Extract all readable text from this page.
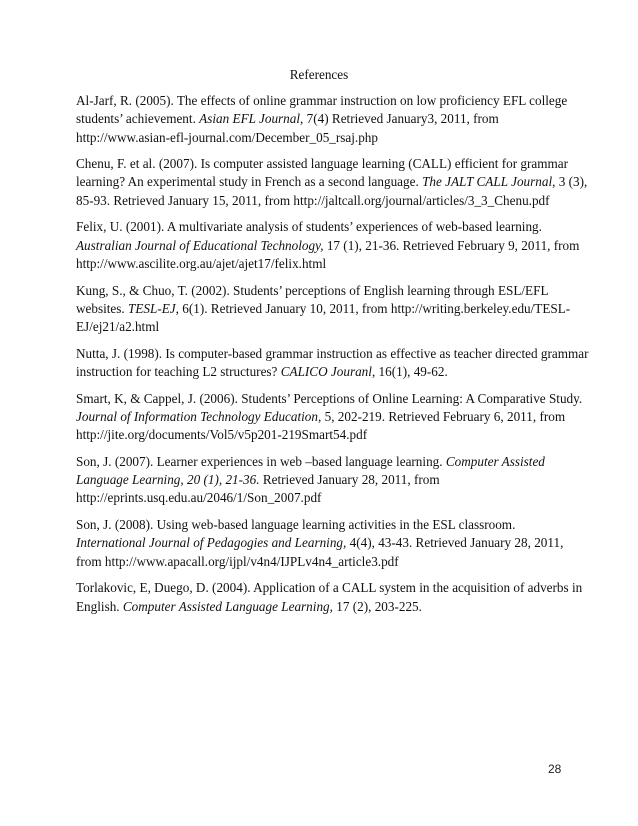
References
Al-Jarf, R. (2005). The effects of online grammar instruction on low proficiency EFL college
students’ achievement. Asian EFL Journal, 7(4) Retrieved January3, 2011, from
http://www.asian-efl-journal.com/December_05_rsaj.php
Chenu, F. et al. (2007). Is computer assisted language learning (CALL) efficient for grammar
learning? An experimental study in French as a second language. The JALT CALL Journal, 3 (3),
85-93. Retrieved January 15, 2011, from http://jaltcall.org/journal/articles/3_3_Chenu.pdf
Felix, U. (2001). A multivariate analysis of students’ experiences of web-based learning.
Australian Journal of Educational Technology, 17 (1), 21-36. Retrieved February 9, 2011, from
http://www.ascilite.org.au/ajet/ajet17/felix.html
Kung, S., & Chuo, T. (2002). Students’ perceptions of English learning through ESL/EFL
websites. TESL-EJ, 6(1). Retrieved January 10, 2011, from http://writing.berkeley.edu/TESL-
EJ/ej21/a2.html
Nutta, J. (1998). Is computer-based grammar instruction as effective as teacher directed grammar
instruction for teaching L2 structures? CALICO Jouranl, 16(1), 49-62.
Smart, K, & Cappel, J. (2006). Students’ Perceptions of Online Learning: A Comparative Study.
Journal of Information Technology Education, 5, 202-219. Retrieved February 6, 2011, from
http://jite.org/documents/Vol5/v5p201-219Smart54.pdf
Son, J. (2007). Learner experiences in web –based language learning. Computer Assisted
Language Learning, 20 (1), 21-36. Retrieved January 28, 2011, from
http://eprints.usq.edu.au/2046/1/Son_2007.pdf
Son, J. (2008). Using web-based language learning activities in the ESL classroom.
International Journal of Pedagogies and Learning, 4(4), 43-43. Retrieved January 28, 2011,
from http://www.apacall.org/ijpl/v4n4/IJPLv4n4_article3.pdf
Torlakovic, E, Duego, D. (2004). Application of a CALL system in the acquisition of adverbs in
English. Computer Assisted Language Learning, 17 (2), 203-225.
28
